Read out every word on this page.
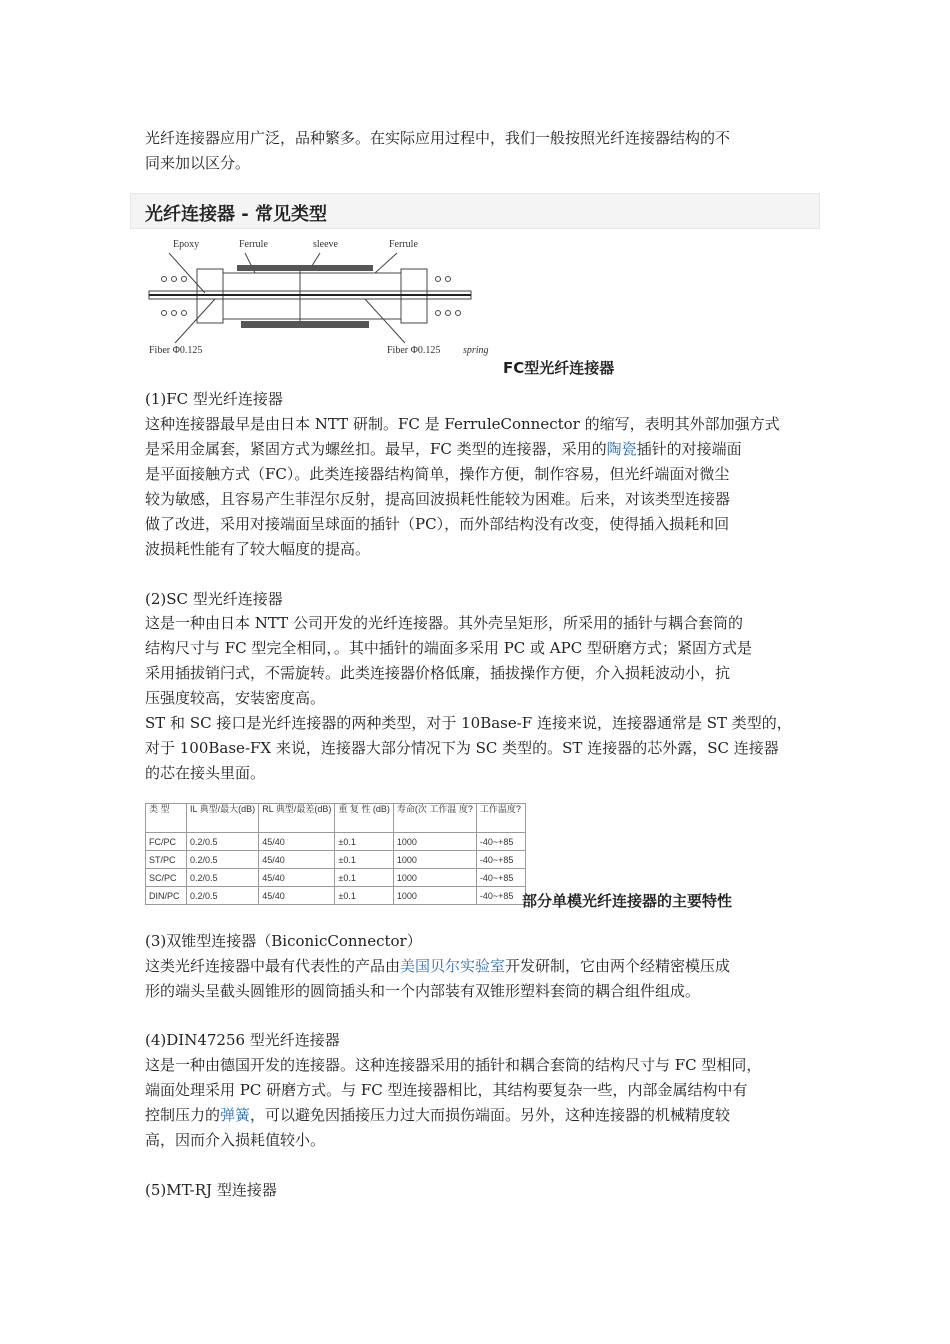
光纤连接器应用广泛，品种繁多。在实际应用过程中，我们一般按照光纤连接器结构的不

同来加以区分。

光纤连接器 - 常见类型
Epoxy	Ferrule	sleeve	Ferrule
Fiber Φ0.125	Fiber Φ0.125 spring
FC型光纤连接器

(1)FC 型光纤连接器

这种连接器最早是由日本 NTT 研制。FC 是 FerruleConnector 的缩写，表明其外部加强方式

是采用金属套，紧固方式为螺丝扣。最早，FC 类型的连接器，采用的陶瓷插针的对接端面

是平面接触方式（FC）。此类连接器结构简单，操作方便，制作容易，但光纤端面对微尘

较为敏感，且容易产生菲涅尔反射，提高回波损耗性能较为困难。后来，对该类型连接器

做了改进，采用对接端面呈球面的插针（PC），而外部结构没有改变，使得插入损耗和回

波损耗性能有了较大幅度的提高。

(2)SC 型光纤连接器

这是一种由日本 NTT 公司开发的光纤连接器。其外壳呈矩形，所采用的插针与耦合套筒的

结构尺寸与 FC 型完全相同，。其中插针的端面多采用 PC 或 APC 型研磨方式；紧固方式是

采用插拔销闩式，不需旋转。此类连接器价格低廉，插拔操作方便，介入损耗波动小，抗

压强度较高，安装密度高。

ST 和 SC 接口是光纤连接器的两种类型，对于 10Base-F 连接来说，连接器通常是 ST 类型的，

对于 100Base-FX 来说，连接器大部分情况下为 SC 类型的。ST 连接器的芯外露，SC 连接器

的芯在接头里面。

类 型	IL 典型/最大(dB)	RL 典型/最差(dB)	重 复 性 (dB)	寿命(次 工作温 度?	工作温度?
FC/PC	0.2/0.5	45/40	±0.1	1000	-40~+85
ST/PC	0.2/0.5	45/40	±0.1	1000	-40~+85
SC/PC	0.2/0.5	45/40	±0.1	1000	-40~+85
DIN/PC	0.2/0.5	45/40	±0.1	1000	-40~+85 部分单模光纤连接器的主要特性

(3)双锥型连接器（BiconicConnector）

这类光纤连接器中最有代表性的产品由美国贝尔实验室开发研制，它由两个经精密模压成

形的端头呈截头圆锥形的圆筒插头和一个内部装有双锥形塑料套筒的耦合组件组成。

(4)DIN47256 型光纤连接器

这是一种由德国开发的连接器。这种连接器采用的插针和耦合套筒的结构尺寸与 FC 型相同，

端面处理采用 PC 研磨方式。与 FC 型连接器相比，其结构要复杂一些，内部金属结构中有

控制压力的弹簧，可以避免因插接压力过大而损伤端面。另外，这种连接器的机械精度较

高，因而介入损耗值较小。

(5)MT-RJ 型连接器
